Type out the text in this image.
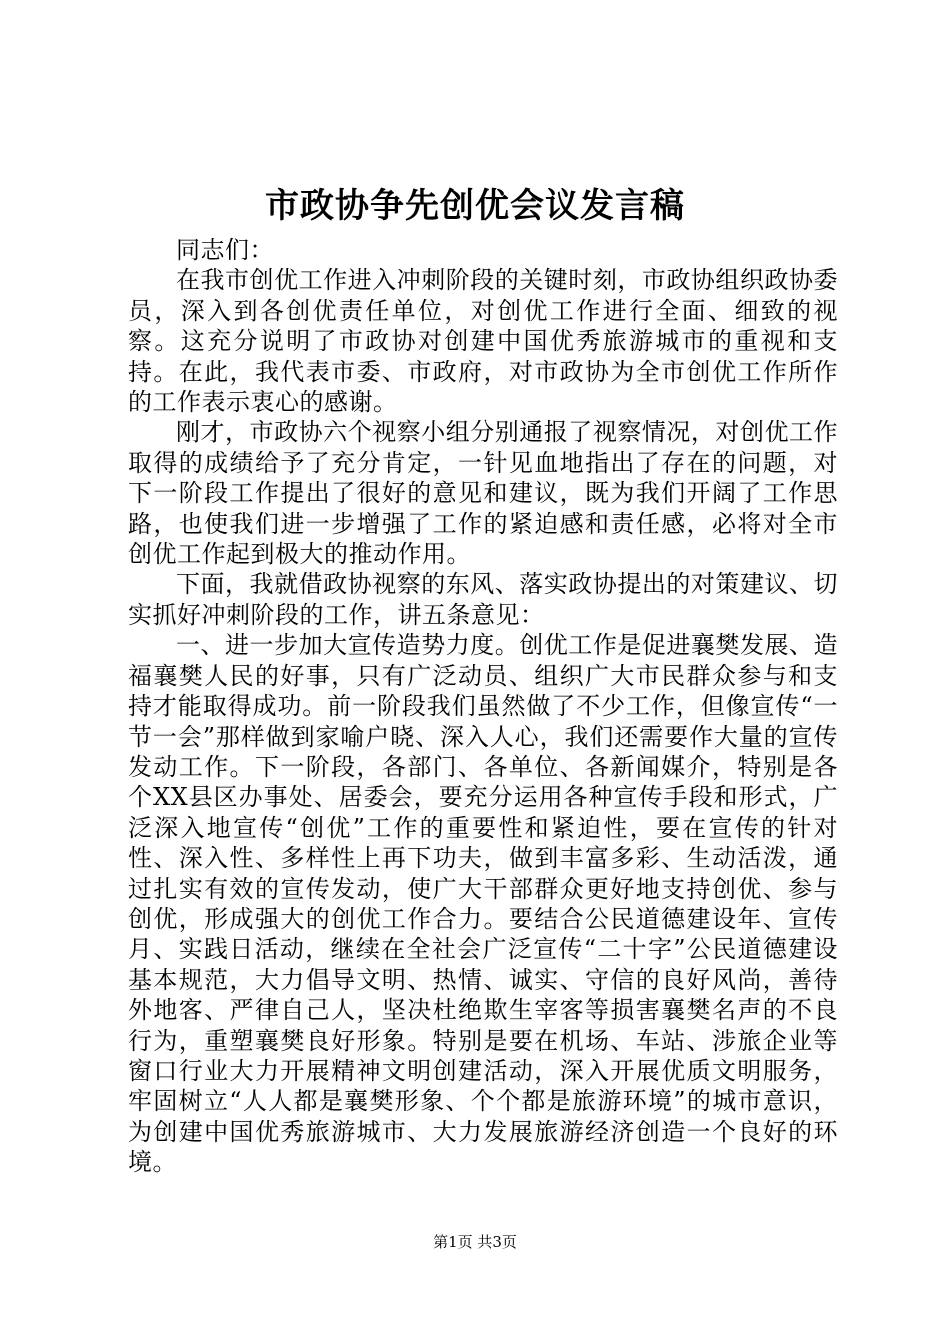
市政协争先创优会议发言稿

同志们：

在我市创优工作进入冲刺阶段的关键时刻，市政协组织政协委员，深入到各创优责任单位，对创优工作进行全面、细致的视察。这充分说明了市政协对创建中国优秀旅游城市的重视和支持。在此，我代表市委、市政府，对市政协为全市创优工作所作的工作表示衷心的感谢。

刚才，市政协六个视察小组分别通报了视察情况，对创优工作取得的成绩给予了充分肯定，一针见血地指出了存在的问题，对下一阶段工作提出了很好的意见和建议，既为我们开阔了工作思路，也使我们进一步增强了工作的紧迫感和责任感，必将对全市创优工作起到极大的推动作用。

下面，我就借政协视察的东风、落实政协提出的对策建议、切实抓好冲刺阶段的工作，讲五条意见：

一、进一步加大宣传造势力度。创优工作是促进襄樊发展、造福襄樊人民的好事，只有广泛动员、组织广大市民群众参与和支持才能取得成功。前一阶段我们虽然做了不少工作，但像宣传“一节一会”那样做到家喻户晓、深入人心，我们还需要作大量的宣传发动工作。下一阶段，各部门、各单位、各新闻媒介，特别是各个XX县区办事处、居委会，要充分运用各种宣传手段和形式，广泛深入地宣传“创优”工作的重要性和紧迫性，要在宣传的针对性、深入性、多样性上再下功夫，做到丰富多彩、生动活泼，通过扎实有效的宣传发动，使广大干部群众更好地支持创优、参与创优，形成强大的创优工作合力。要结合公民道德建设年、宣传月、实践日活动，继续在全社会广泛宣传“二十字”公民道德建设基本规范，大力倡导文明、热情、诚实、守信的良好风尚，善待外地客、严律自己人，坚决杜绝欺生宰客等损害襄樊名声的不良行为，重塑襄樊良好形象。特别是要在机场、车站、涉旅企业等窗口行业大力开展精神文明创建活动，深入开展优质文明服务，牢固树立“人人都是襄樊形象、个个都是旅游环境”的城市意识，为创建中国优秀旅游城市、大力发展旅游经济创造一个良好的环境。

第1页 共3页
